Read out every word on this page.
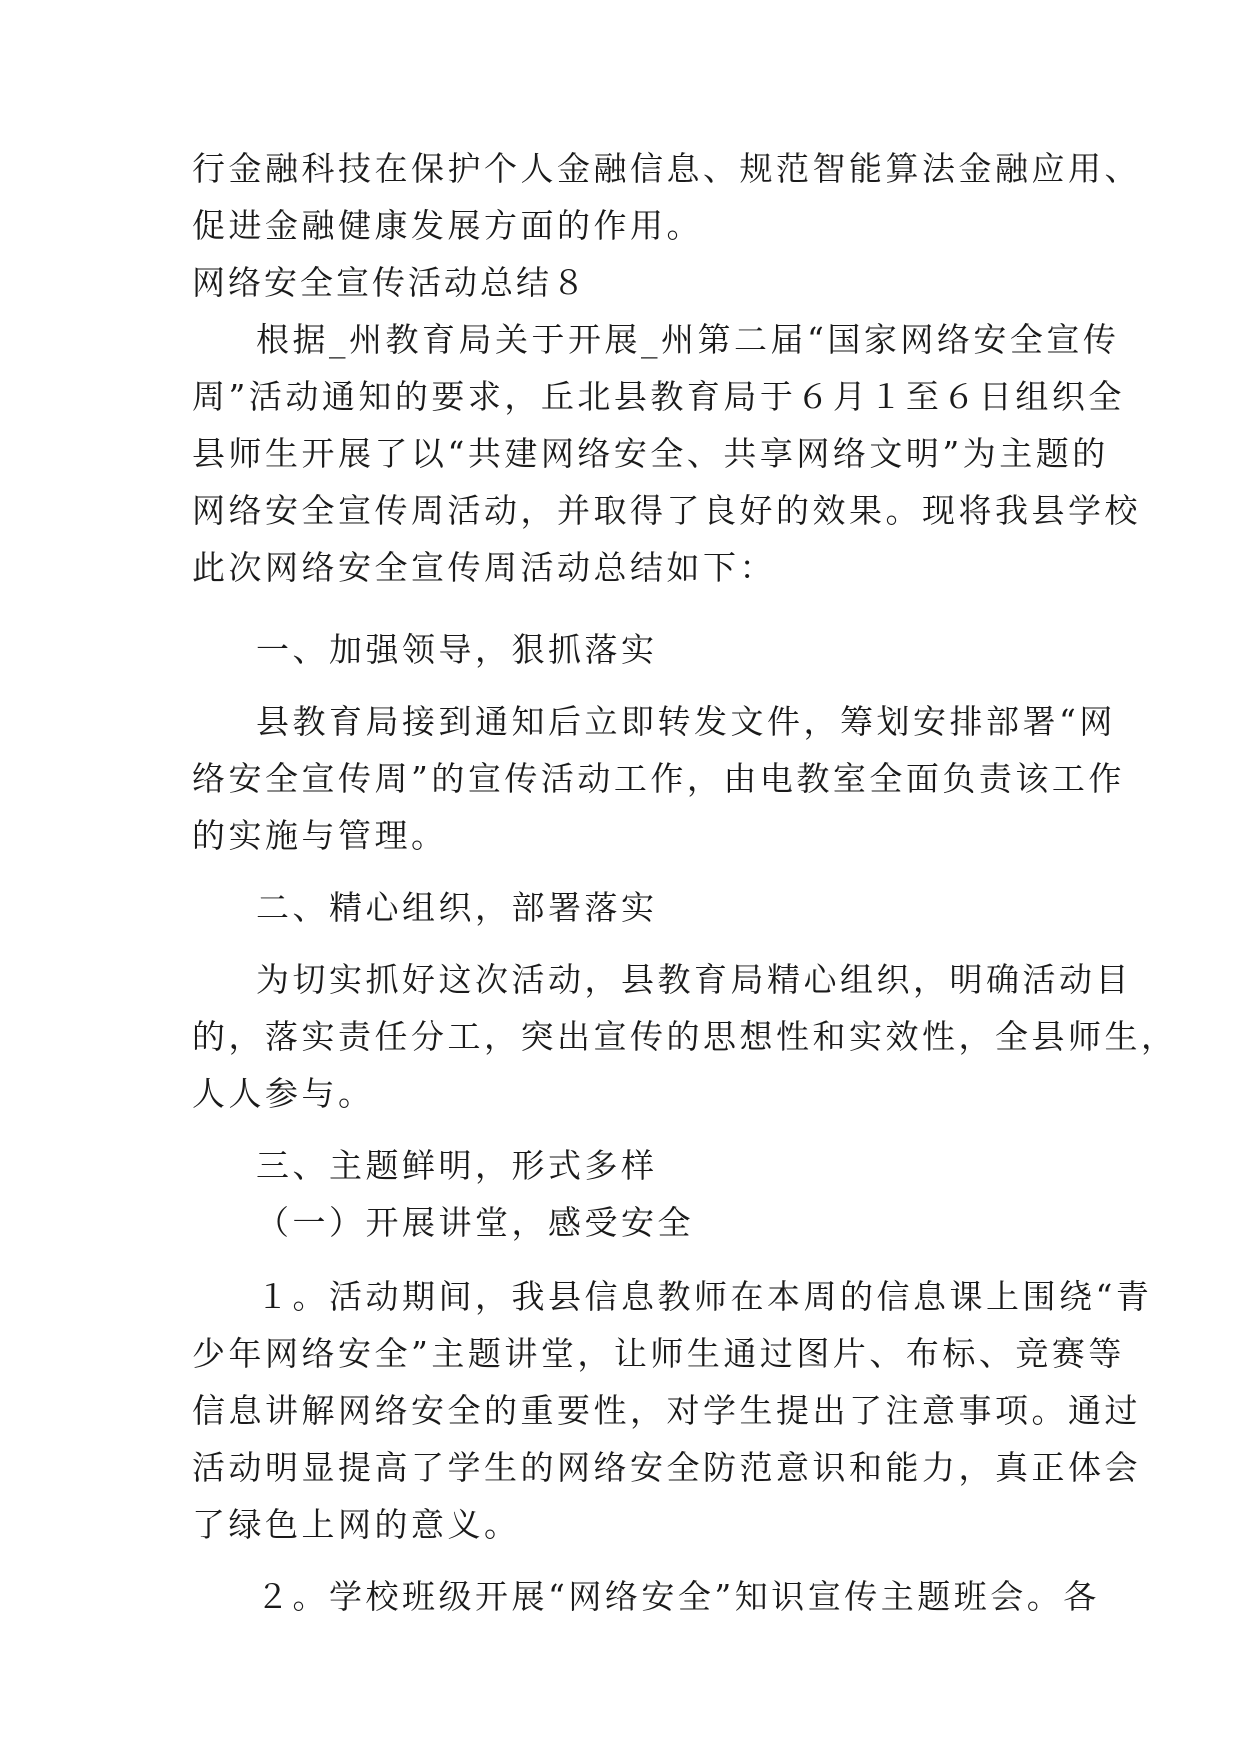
行金融科技在保护个人金融信息、规范智能算法金融应用、
促进金融健康发展方面的作用。
网络安全宣传活动总结８
根据_州教育局关于开展_州第二届“国家网络安全宣传
周”活动通知的要求，丘北县教育局于６月１至６日组织全
县师生开展了以“共建网络安全、共享网络文明”为主题的
网络安全宣传周活动，并取得了良好的效果。现将我县学校
此次网络安全宣传周活动总结如下：
一、加强领导，狠抓落实
县教育局接到通知后立即转发文件，筹划安排部署“网
络安全宣传周”的宣传活动工作，由电教室全面负责该工作
的实施与管理。
二、精心组织，部署落实
为切实抓好这次活动，县教育局精心组织，明确活动目
的，落实责任分工，突出宣传的思想性和实效性，全县师生，
人人参与。
三、主题鲜明，形式多样
（一）开展讲堂，感受安全
１。活动期间，我县信息教师在本周的信息课上围绕“青
少年网络安全”主题讲堂，让师生通过图片、布标、竞赛等
信息讲解网络安全的重要性，对学生提出了注意事项。通过
活动明显提高了学生的网络安全防范意识和能力，真正体会
了绿色上网的意义。
２。学校班级开展“网络安全”知识宣传主题班会。各
